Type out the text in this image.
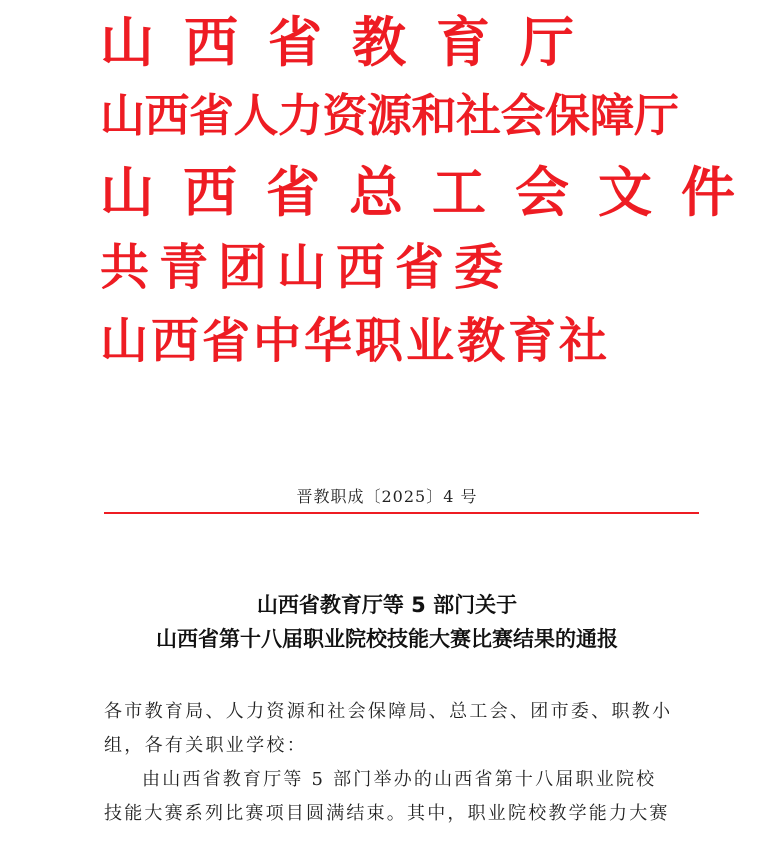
山西省教育厅
山西省人力资源和社会保障厅
山西省总工会文件
共青团山西省委
山西省中华职业教育社
晋教职成〔2025〕4 号
山西省教育厅等 5 部门关于
山西省第十八届职业院校技能大赛比赛结果的通报
各市教育局、人力资源和社会保障局、总工会、团市委、职教小
组，各有关职业学校：
由山西省教育厅等 5 部门举办的山西省第十八届职业院校
技能大赛系列比赛项目圆满结束。其中，职业院校教学能力大赛
